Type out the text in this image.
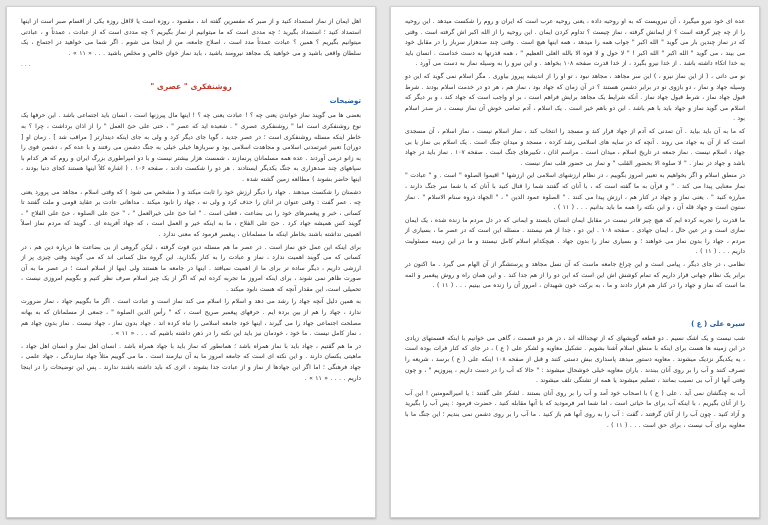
اهل ایمان از نماز استمداد کنید و از صبر که مفسرین گفته اند ، مقصود ، روزه است یا لااقل روزه یکی از اقسام صبر است از اینها استمداد کنید ؛ استمداد بگیرید ؛ چه مددی است که ما میتوانیم از نماز بگیریم ؟ چه مددی است که از عبادت ، عمدتاً و ، عبادتی میتوانیم بگیریم ؟ همین ؟ عبادت عمدتاً مدد است ، اصلاح جامعه، من از اینجا می شوم . اگر شما می خواهید در اجتماع ، یک سلطان واقعی باشید و می خواهید یک مجاهد نیرومند باشید ، باید نماز خوان خالص و مخلص باشید . . . « ۱۱ » .

. . .
روشنفکری " عصری "
توضیحات

بعضی ها می گویند نماز خواندن یعنی چه ؟ ! عبادت یعنی چه ؟ ! اینها مال پیرزنها است ، انسان باید اجتماعی باشد . این حرفها یک نوع روشنفکری است اما " روشنفکری عصری " . شعبده اید که عصر " ، حتی علی حیّ العمل " را از اذان برداشت ، چرا ؟ به خاطر اینکه مسئله روشنفکری است ؛ در عصر جدید ، گویا جای دیگر کرد و ولی به جای اینکه دیندارتر [ مراقب شد ] . زمان او [ دوران] تعبیر غیرتمدنی اسلامی و مجاهدت اسلامی بود و سربازها خیلی خیلی به جنگ دشمن می رفتند و با عده کم ، دشمن قوی را به زانو درمی آوردند . عده همه مسلمانان پرنمازند ، شمست هزار بیشتر نیست و با دو امپراطوری بزرگ ایران و روم که هر کدام با سپاههای چند صدهزاری به جنگ یکدیگر ایستادند . هر دو را شکست دادند ، صفحه ۱۰۶ . ( اشاره کلاً اینها هستند کجای دنیا بودند ، اینها حاضر بشوند ) مطالعه زمین گشته شده .

دشمنان را شکست میدهند . جهاد را دیگر ارزش خود را ثابت میکند و ( مشخص می شود ) که وقتی اسلام ، مجاهد می پرورد یعنی چه . عمر گفت : وقتی عنوان در اذان را حذف کرد و ولی نه ، جهاد را نابود میکند . مداهانی عادت بر عقاید قومی و ملت گفتند تا کسانی ، خبر و پیغمبرهای خود را بی بضاعت ، فعلی است . " اما حیّ علی خیرالعمل " ، " حیّ علی الصلوه ، حیّ علی الفلاح " ، گویند کس همیشه جهاد کرد . حیّ علی الفلاح ، ما به اینکه خیر و العمل است ، که جهاد آفریده ای . گویند که مردم نماز اصلاً اهمیتی نداشته باشند بخاطر اینکه ما مسلمانان ، پیغمبر فرمود که معنی ندارد .

برای اینکه این عمل حق نماز است . در عصر ما هم مسئله دین قوت گرفته ، لیکن گروهی از بی بضاعت ها درباره دین هم ، در کسانی که می گویند اهمیت ندارد ، نماز و عبادت را به کنار بگذارید. این گروه مثل کسانی اند که می گویند وقتی چیزی پر از ارزشی داریم ، دیگر ساده تر برای ما از اهمیت نمیافتد . اینها در جامعه ما هستند ولی اینها از اسلام است ؛ در عصر ما به آن صورت ظاهر نمی شوند ، برای اینکه امروز ما تجربه کرده ایم که اگر از یک چیز اسلام صرف نظر کنیم و بگوییم امروزی نیست ، تحمیلی است، این مقدار آنچه که هست نابود میکند .

به همین دلیل آنچه جهاد را رشد می دهد و اسلام را اسلام می کند نماز است و عبادت است . اگر ما بگوییم جهاد ، نماز ضرورت ندارد ، جهاد را هم از بین برده ایم . حرفهای پیغمبر صریح است ، که " رأس الدین الصلوه " ، جمعی از مسلمانان که به بهانه مصلحت اجتماعی جهاد را می گیرند ، اینها خود جامعه اسلامی را تباه کرده اند . جهاد بدون نماز ، جهاد نیست . نماز بدون جهاد هم ، نماز کامل نیست . ما خود ، خودمان نیز باید این نکته را در ذهن داشته باشیم که . . . « ۱۱ » .

در ما هم گفتیم ، جهاد باید با نماز همراه باشد ؛ همانطور که نماز باید با جهاد همراه باشد . انسان اهل نماز و انسان اهل جهاد ، ماهیتی یکسان دارند . و این نکته ای است که جامعه امروز ما به آن نیازمند است . ما می گوییم مثلاً جهاد سازندگی ، جهاد علمی ، جهاد فرهنگی ؛ اما اگر این جهادها از نماز و از عبادت جدا بشوند ، اثری که باید داشته باشند ندارند . پس این توضیحات را در اینجا داریم . . . . « ۱۱ » .

عده ای خود نیرو میگیرد ، آن نیرویست که به او روحیه داده ، یعنی روحیه عرب است که ایران و روم را شکست میدهد . این روحیه را از چه چیز گرفته است ؟ از ایمانش گرفته ، نماز چیست ؟ تداوم کردن ایمان . این روحیه را از الله اکبر اش گرفته است . وقتی که در نماز چندین بار می گوید " الله اکبر " جواب همه را میدهد ، همه اینها هیچ است . وقتی چند صدهزار سرباز را در مقابل خود می بیند ، می گوید " الله اکبر " الله اکبر ! " لا حول و لا قوه الا بالله العلی العظیم " ، همه قدرتها به دست خداست . انسان باید به خدا اتکاء داشته باشد . از خدا نیرو بگیرد ، از خدا قدرت صفحه ۱۰۸ بخواهد . و این نیرو را به وسیله نماز به دست می آورد .

نو می دانی ، ( از این نماز نیرو ، ) این سر مجاهد ، مجاهد نبود ، تو او را از اندیشه پیروز بیاوری . مگر اسلام نمی گوید که این دو وسیله جهاد و نماز ، دو بازوی تو در برابر دشمن هستند ؟ در آن زمان که جهاد بود ، نماز هم ، هر دو در خدمت اسلام بودند . شرط قبول جهاد نماز ، شرط قبول جهاد نماز . آنکه شرایط یک مجاهد برایش فراهم است ، بر او واجب است که جهاد کند ، و بر دیگر که اسلام می گوید نماز و جهاد باید با هم باشد . این دو باهم خیر است . یک اسلام ، آدم تمامی خوش آن نماز نیست ، در صدر اسلام بود .

که ما به آن باید بیاید . آن تمدنی که آدم از جهاد فرار کند و مسجد را انتخاب کند ، نماز اسلام نیست ، نماز اسلام ، آن مسجدی است که از آن به جهاد می روند . آنچه که در سایه های اسلامی رشد کرده ، مسجد و میدان جنگ است . یک اسلام بی نماز یا بی جهاد ، اسلام نیست . نماز جمعه در تاریخ اسلام ، میدان است . مراسم اذان ، تکبیرهای جنگ است . صفحه ۱۰۷ . نماز باید در جهاد باشد و جهاد در نماز . " لا صلوه الا بحضور القلب " و نماز بی حضور قلب نماز نیست .

در منطق اسلام و اگر بخواهیم به تعبیر امروز بگوییم ، در نظام ارزشهای اسلامی این ارزشها " اقیموا الصلوه " است . و " عبادت " نماز معنایی پیدا می کند . " و قرآن به ما گفته است که ، با آنان که گفتند شما را قتال کنید با آنان که با شما سر جنگ دارند ، مبارزه کنید " . یعنی نماز و جهاد در کنار هم ، ارزش پیدا می کنند . " الصلوه عمود الدین " ، " الجهاد ذروه سنام الاسلام " . نماز ستون است و جهاد قله آن ، و این نکته را همه ما باید بدانیم . . . ( ۱۱ ) .

ما قدرت را تجربه کرده ایم که هیچ چیز قادر نیست در مقابل ایمان انسان بایستد و ایمانی که در دل مردم ما زنده شده ، یک ایمان نمازی است و در عین حال ، ایمان جهادی . صفحه ۱۰۸ . این دو ، جدا از هم نیستند . مسئله این است که در عصر ما ، بسیاری از مردم ، جهاد را بدون نماز می خواهند ؛ و بسیاری نماز را بدون جهاد . هیچکدام اسلام کامل نیستند و ما در این زمینه مسئولیت داریم . . . ( ۱۱ ) .

نظامی ، در جای دیگر ، پیامی است و این چراغ جامعه ماست که آن نسل مجاهد و پرستشگر از آن الهام می گیرد . ما اکنون در برابر یک نظام جهانی قرار داریم که تمام کوشش اش این است که این دو را از هم جدا کند . و این همان راه و روش پیغمبر و ائمه ما است که نماز و جهاد را در کنار هم قرار دادند و ما ، به برکت خون شهیدان ، امروز آن را زنده می بینیم . . . ( ۱۱ ) .

سیره علی ( ع )

شب نیست و یک اشک نسیم . دو قطعه گویشهای که از تهجدالله اند ، در هر دو قسمت ، گاهی می خوانیم با اینکه قسمتهای زیادی در این زمینه ها هست برای اینکه با منطق اسلام آشنا بشویم . تشکیل معاویه و لشکر علی ( ع ) ، در جای که کنار فرات بوده است ، یه یکدیگر نزدیک میشوند . معاویه دستور میدهد پاسداری بیش دستی کنند و قبل از صفحه ۱۰۸ اینکه علی ( ع ) برسد ، شریعه را تصرف کنند و آب را بر روی آنان ببندند . یاران معاویه خیلی خوشحال میشوند : " حالا که آب را در دست داریم ، پیروزیم " ، و چون وقتی آنها از آب بی نصیب بمانند ، تسلیم میشوند یا همه از تشنگی تلف میشوند .

آب به چنگشان نمی آید . علی ( ع ) با اصحاب خود آمد و آب را بر روی آنان بستند . لشکر علی گفتند : یا امیرالمومنین ! این آب را از آنان بگیریم ، با اینکه آب برای ما حیاتی است ، اما شما امر فرمودید که با آنها مقابله کنید . حضرت فرمود : پس آب را بگیرید و آزاد کنید . چون آب را از آنان گرفتند ، گفت : آب را به روی آنها هم باز کنید . ما آب را بر روی دشمن نمی بندیم ؛ این جنگ ما با معاویه برای آب نیست ، برای حق است . . . ( ۱۱ ) .
